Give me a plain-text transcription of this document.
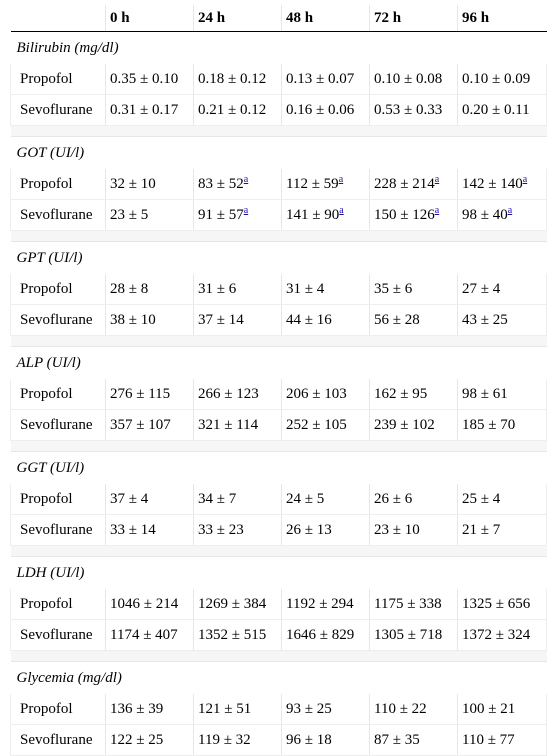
	0 h	24 h	48 h	72 h	96 h
Bilirubin (mg/dl)					
Propofol	0.35 ± 0.10	0.18 ± 0.12	0.13 ± 0.07	0.10 ± 0.08	0.10 ± 0.09
Sevoflurane	0.31 ± 0.17	0.21 ± 0.12	0.16 ± 0.06	0.53 ± 0.33	0.20 ± 0.11

GOT (UI/l)					
Propofol	32 ± 10	83 ± 52$^a$	112 ± 59$^a$	228 ± 214$^a$	142 ± 140$^a$
Sevoflurane	23 ± 5	91 ± 57$^a$	141 ± 90$^a$	150 ± 126$^a$	98 ± 40$^a$

GPT (UI/l)					
Propofol	28 ± 8	31 ± 6	31 ± 4	35 ± 6	27 ± 4
Sevoflurane	38 ± 10	37 ± 14	44 ± 16	56 ± 28	43 ± 25

ALP (UI/l)					
Propofol	276 ± 115	266 ± 123	206 ± 103	162 ± 95	98 ± 61
Sevoflurane	357 ± 107	321 ± 114	252 ± 105	239 ± 102	185 ± 70

GGT (UI/l)					
Propofol	37 ± 4	34 ± 7	24 ± 5	26 ± 6	25 ± 4
Sevoflurane	33 ± 14	33 ± 23	26 ± 13	23 ± 10	21 ± 7

LDH (UI/l)					
Propofol	1046 ± 214	1269 ± 384	1192 ± 294	1175 ± 338	1325 ± 656
Sevoflurane	1174 ± 407	1352 ± 515	1646 ± 829	1305 ± 718	1372 ± 324

Glycemia (mg/dl)					
Propofol	136 ± 39	121 ± 51	93 ± 25	110 ± 22	100 ± 21
Sevoflurane	122 ± 25	119 ± 32	96 ± 18	87 ± 35	110 ± 77
